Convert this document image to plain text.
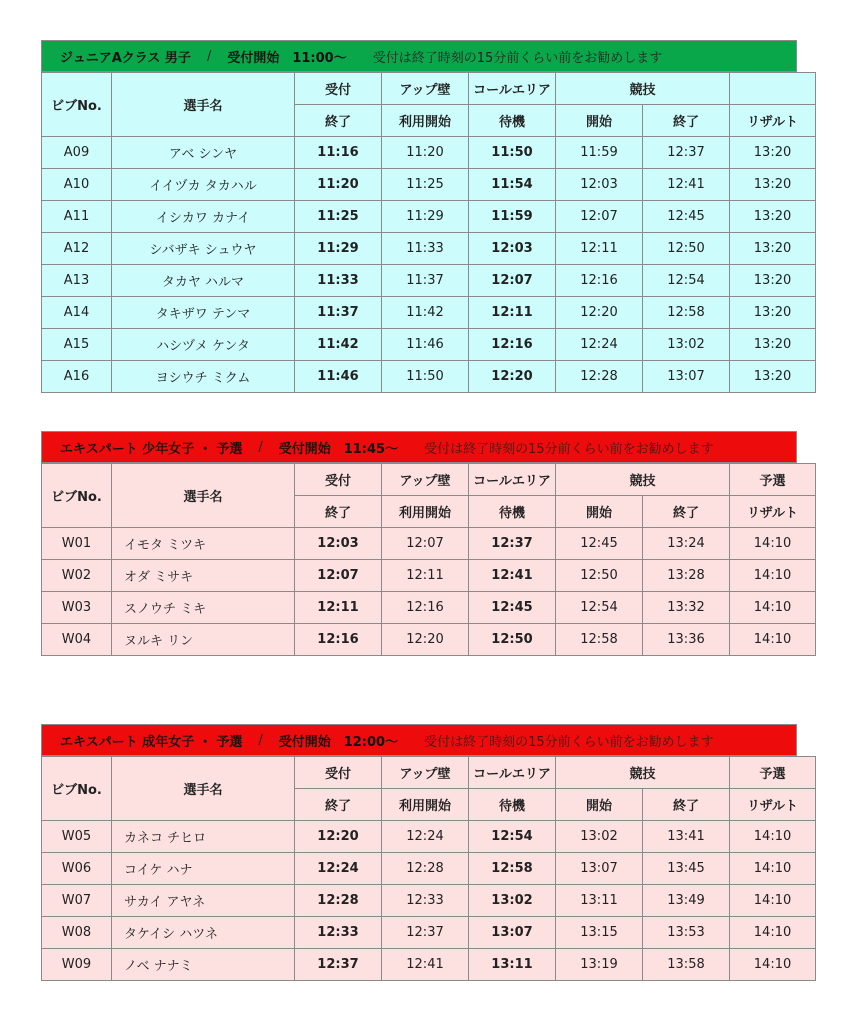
ジュニアAクラス 男子	/	受付開始　11:00～ 受付は終了時刻の15分前くらい前をお勧めします
ビブNo.	選手名	受付	アップ壁	コールエリア	競技		
		終了	利用開始	待機	開始	終了	リザルト
A09	アベ シンヤ	11:16	11:20	11:50	11:59	12:37	13:20
A10	イイヅカ タカハル	11:20	11:25	11:54	12:03	12:41	13:20
A11	イシカワ カナイ	11:25	11:29	11:59	12:07	12:45	13:20
A12	シバザキ シュウヤ	11:29	11:33	12:03	12:11	12:50	13:20
A13	タカヤ ハルマ	11:33	11:37	12:07	12:16	12:54	13:20
A14	タキザワ テンマ	11:37	11:42	12:11	12:20	12:58	13:20
A15	ハシヅメ ケンタ	11:42	11:46	12:16	12:24	13:02	13:20
A16	ヨシウチ ミクム	11:46	11:50	12:20	12:28	13:07	13:20
エキスパート 少年女子 ・ 予選	/	受付開始　11:45～ 受付は終了時刻の15分前くらい前をお勧めします
ビブNo.	選手名	受付	アップ壁	コールエリア	競技		予選
		終了	利用開始	待機	開始	終了	リザルト
W01	イモタ ミツキ	12:03	12:07	12:37	12:45	13:24	14:10
W02	オダ ミサキ	12:07	12:11	12:41	12:50	13:28	14:10
W03	スノウチ ミキ	12:11	12:16	12:45	12:54	13:32	14:10
W04	ヌルキ リン	12:16	12:20	12:50	12:58	13:36	14:10
エキスパート 成年女子 ・ 予選	/	受付開始　12:00～ 受付は終了時刻の15分前くらい前をお勧めします
ビブNo.	選手名	受付	アップ壁	コールエリア	競技		予選
		終了	利用開始	待機	開始	終了	リザルト
W05	カネコ チヒロ	12:20	12:24	12:54	13:02	13:41	14:10
W06	コイケ ハナ	12:24	12:28	12:58	13:07	13:45	14:10
W07	サカイ アヤネ	12:28	12:33	13:02	13:11	13:49	14:10
W08	タケイシ ハツネ	12:33	12:37	13:07	13:15	13:53	14:10
W09	ノベ ナナミ	12:37	12:41	13:11	13:19	13:58	14:10
